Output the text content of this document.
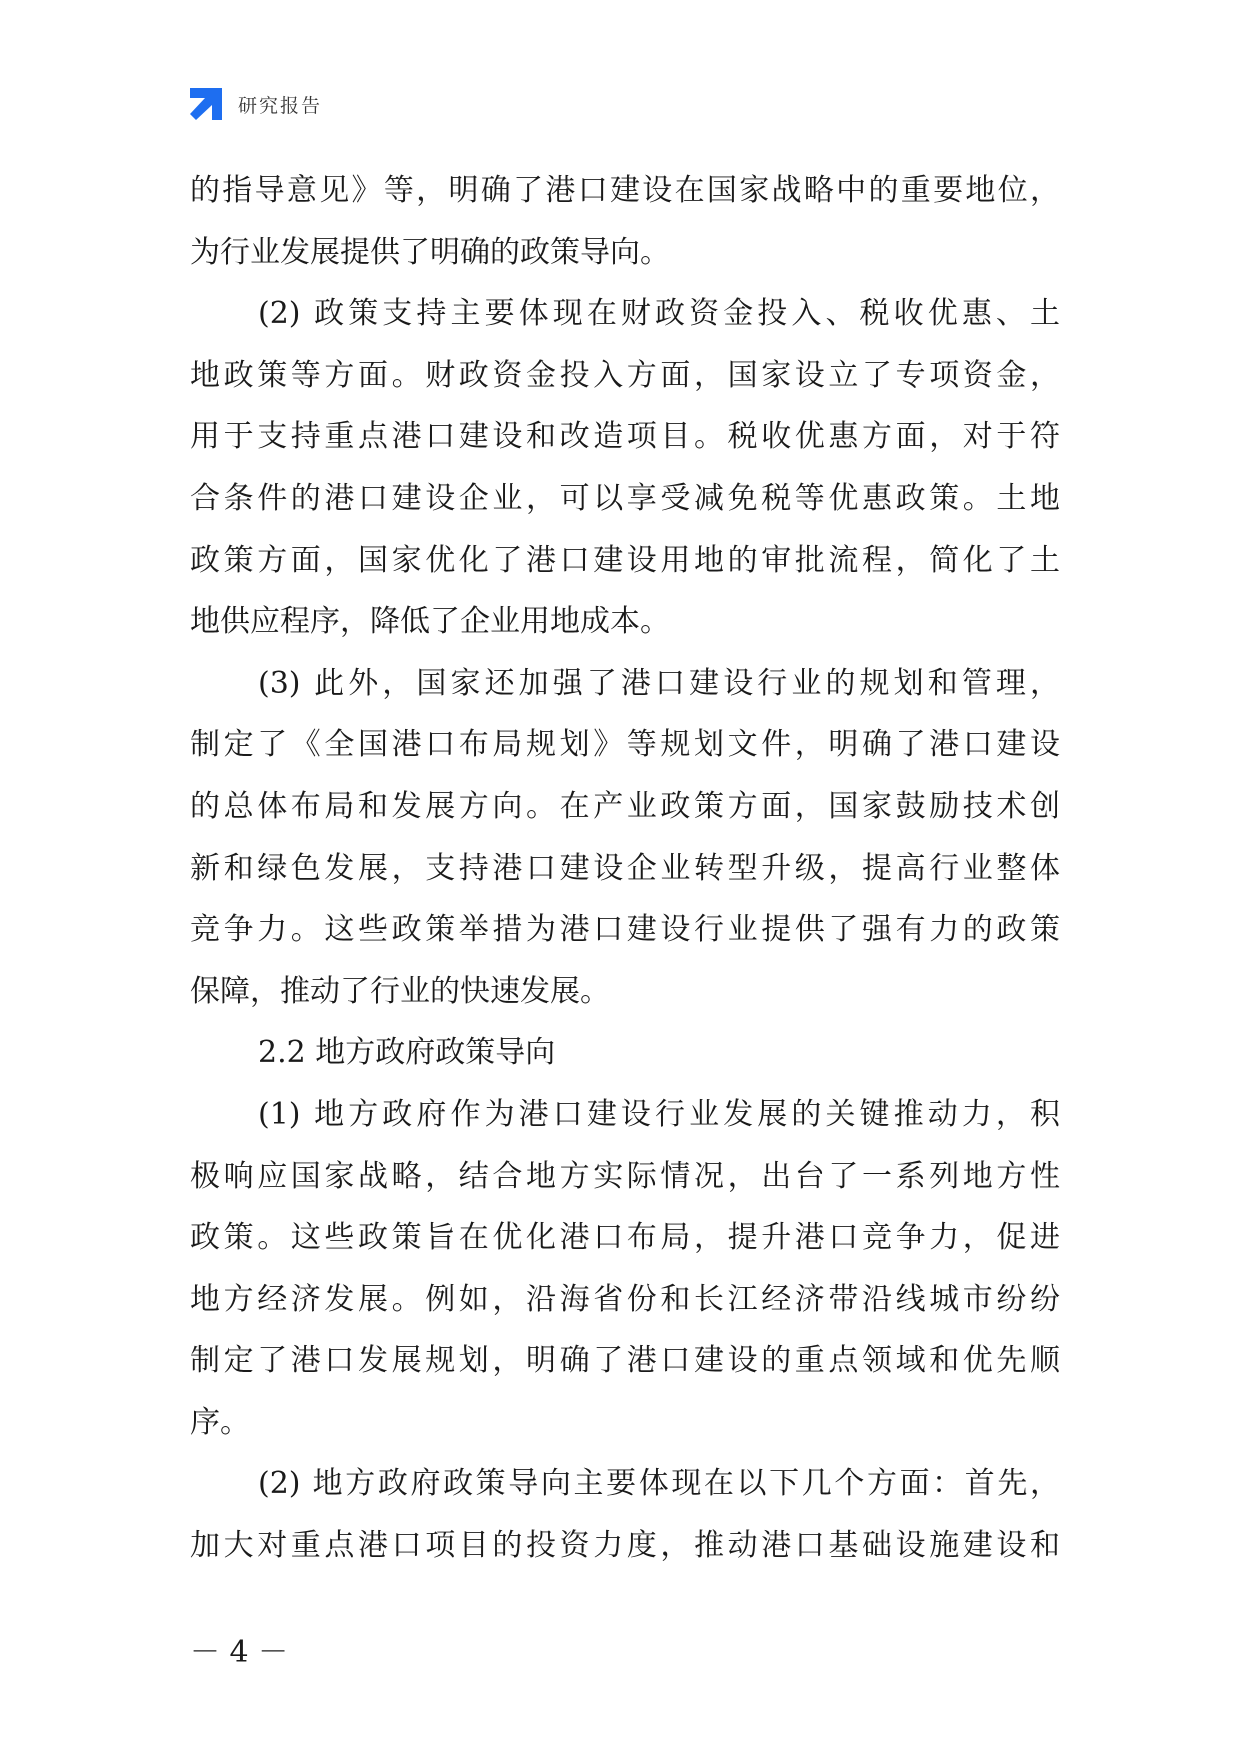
研究报告
的指导意见》等，明确了港口建设在国家战略中的重要地位，
为行业发展提供了明确的政策导向。
(2) 政策支持主要体现在财政资金投入、税收优惠、土
地政策等方面。财政资金投入方面，国家设立了专项资金，
用于支持重点港口建设和改造项目。税收优惠方面，对于符
合条件的港口建设企业，可以享受减免税等优惠政策。土地
政策方面，国家优化了港口建设用地的审批流程，简化了土
地供应程序，降低了企业用地成本。
(3) 此外，国家还加强了港口建设行业的规划和管理，
制定了《全国港口布局规划》等规划文件，明确了港口建设
的总体布局和发展方向。在产业政策方面，国家鼓励技术创
新和绿色发展，支持港口建设企业转型升级，提高行业整体
竞争力。这些政策举措为港口建设行业提供了强有力的政策
保障，推动了行业的快速发展。
2.2 地方政府政策导向
(1) 地方政府作为港口建设行业发展的关键推动力，积
极响应国家战略，结合地方实际情况，出台了一系列地方性
政策。这些政策旨在优化港口布局，提升港口竞争力，促进
地方经济发展。例如，沿海省份和长江经济带沿线城市纷纷
制定了港口发展规划，明确了港口建设的重点领域和优先顺
序。
(2) 地方政府政策导向主要体现在以下几个方面：首先，
加大对重点港口项目的投资力度，推动港口基础设施建设和
－ 4 －
